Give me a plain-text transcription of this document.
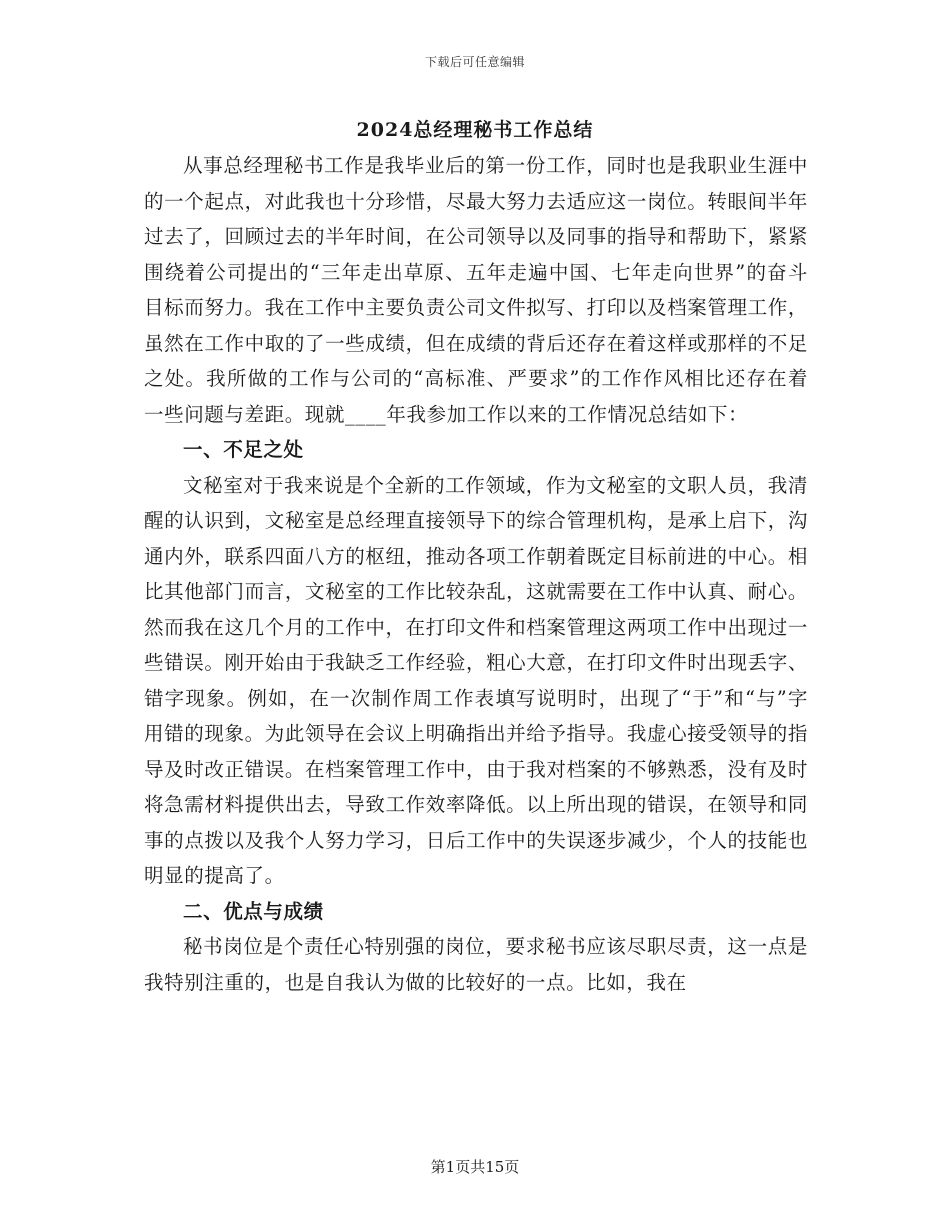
下载后可任意编辑
2024总经理秘书工作总结

从事总经理秘书工作是我毕业后的第一份工作，同时也是我职业生涯中的一个起点，对此我也十分珍惜，尽最大努力去适应这一岗位。转眼间半年过去了，回顾过去的半年时间，在公司领导以及同事的指导和帮助下，紧紧围绕着公司提出的“三年走出草原、五年走遍中国、七年走向世界”的奋斗目标而努力。我在工作中主要负责公司文件拟写、打印以及档案管理工作，虽然在工作中取的了一些成绩，但在成绩的背后还存在着这样或那样的不足之处。我所做的工作与公司的“高标准、严要求”的工作作风相比还存在着一些问题与差距。现就____年我参加工作以来的工作情况总结如下：

一、不足之处

文秘室对于我来说是个全新的工作领域，作为文秘室的文职人员，我清醒的认识到，文秘室是总经理直接领导下的综合管理机构，是承上启下，沟通内外，联系四面八方的枢纽，推动各项工作朝着既定目标前进的中心。相比其他部门而言，文秘室的工作比较杂乱，这就需要在工作中认真、耐心。然而我在这几个月的工作中，在打印文件和档案管理这两项工作中出现过一些错误。刚开始由于我缺乏工作经验，粗心大意，在打印文件时出现丢字、错字现象。例如，在一次制作周工作表填写说明时，出现了“于”和“与”字用错的现象。为此领导在会议上明确指出并给予指导。我虚心接受领导的指导及时改正错误。在档案管理工作中，由于我对档案的不够熟悉，没有及时将急需材料提供出去，导致工作效率降低。以上所出现的错误，在领导和同事的点拨以及我个人努力学习，日后工作中的失误逐步减少，个人的技能也明显的提高了。

二、优点与成绩

秘书岗位是个责任心特别强的岗位，要求秘书应该尽职尽责，这一点是我特别注重的，也是自我认为做的比较好的一点。比如，我在

第1页共15页
